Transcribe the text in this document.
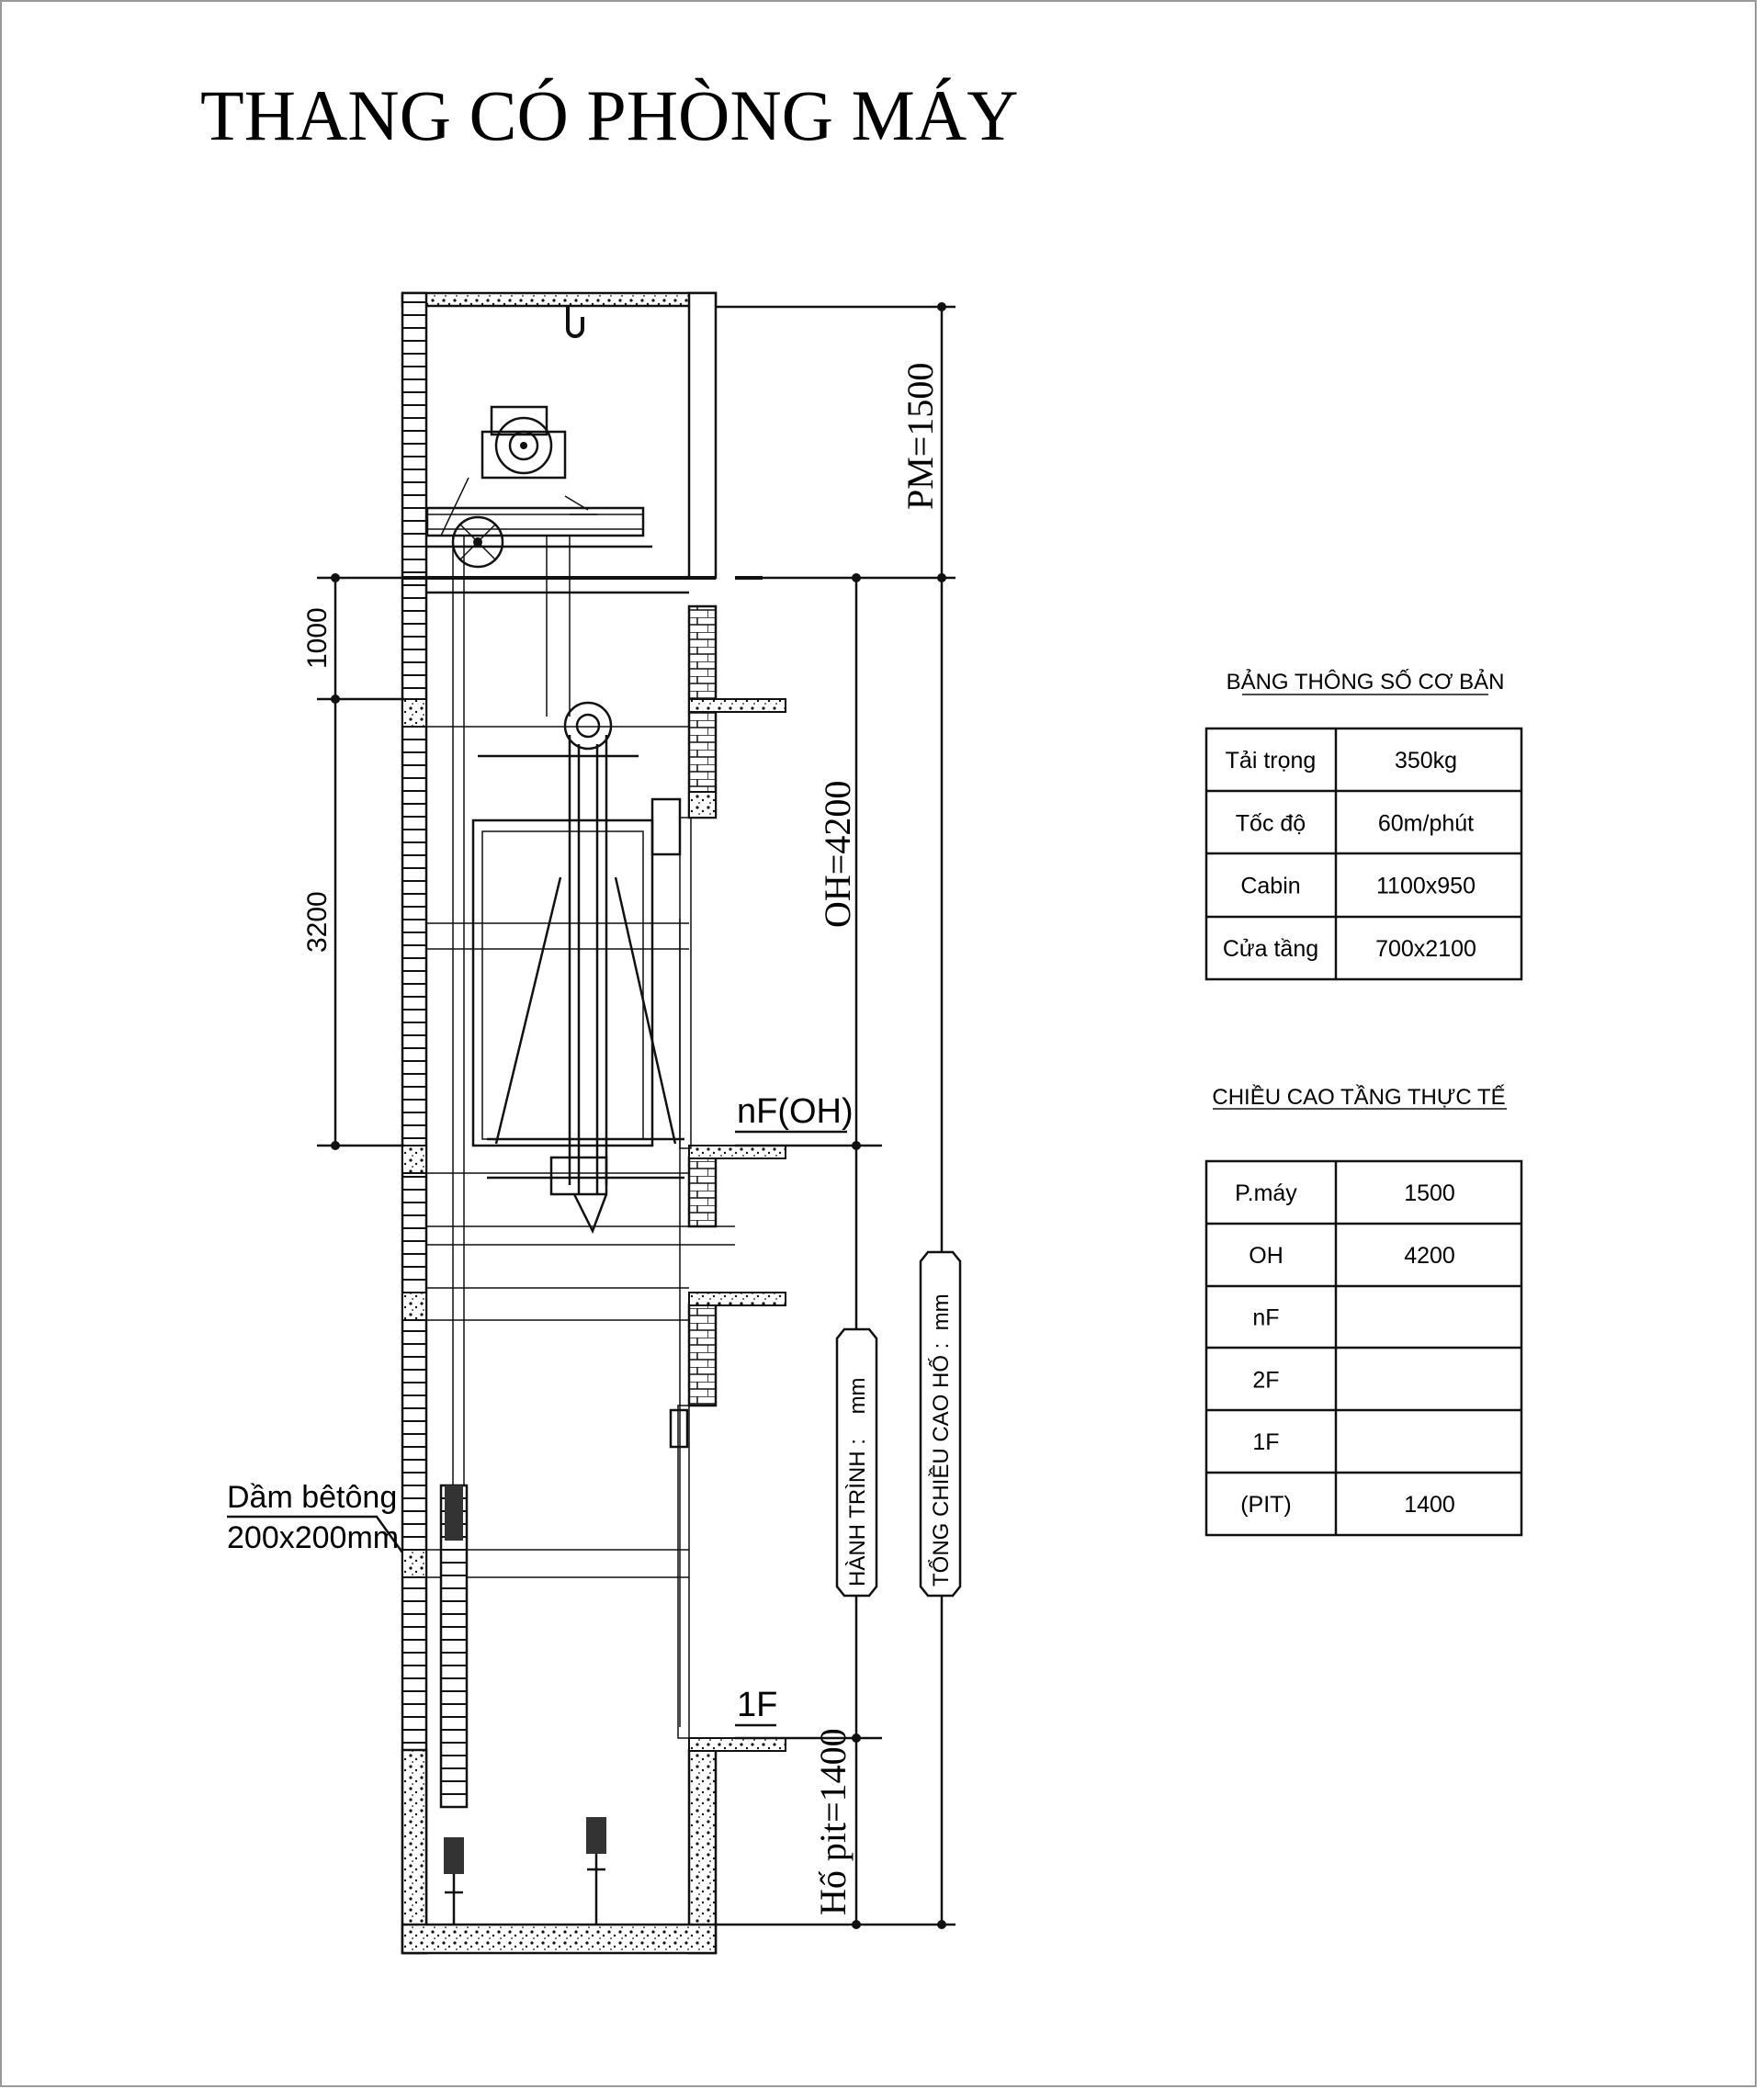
THANG CÓ PHÒNG MÁY
PM=1500
OH=4200
Hố pit=1400
1000
3200
nF(OH)
1F
Dầm bêtông
200x200mm	HÀNH TRÌNH :    mm	TỔNG CHIỀU CAO HỐ :  mm
BẢNG THÔNG SỐ CƠ BẢN
Tải trọng	350kg
Tốc độ	60m/phút
Cabin	1100x950
Cửa tầng 700x2100
CHIỀU CAO TẦNG THỰC TẾ
P.máy	1500
OH	4200
nF
2F
1F
(PIT)	1400
